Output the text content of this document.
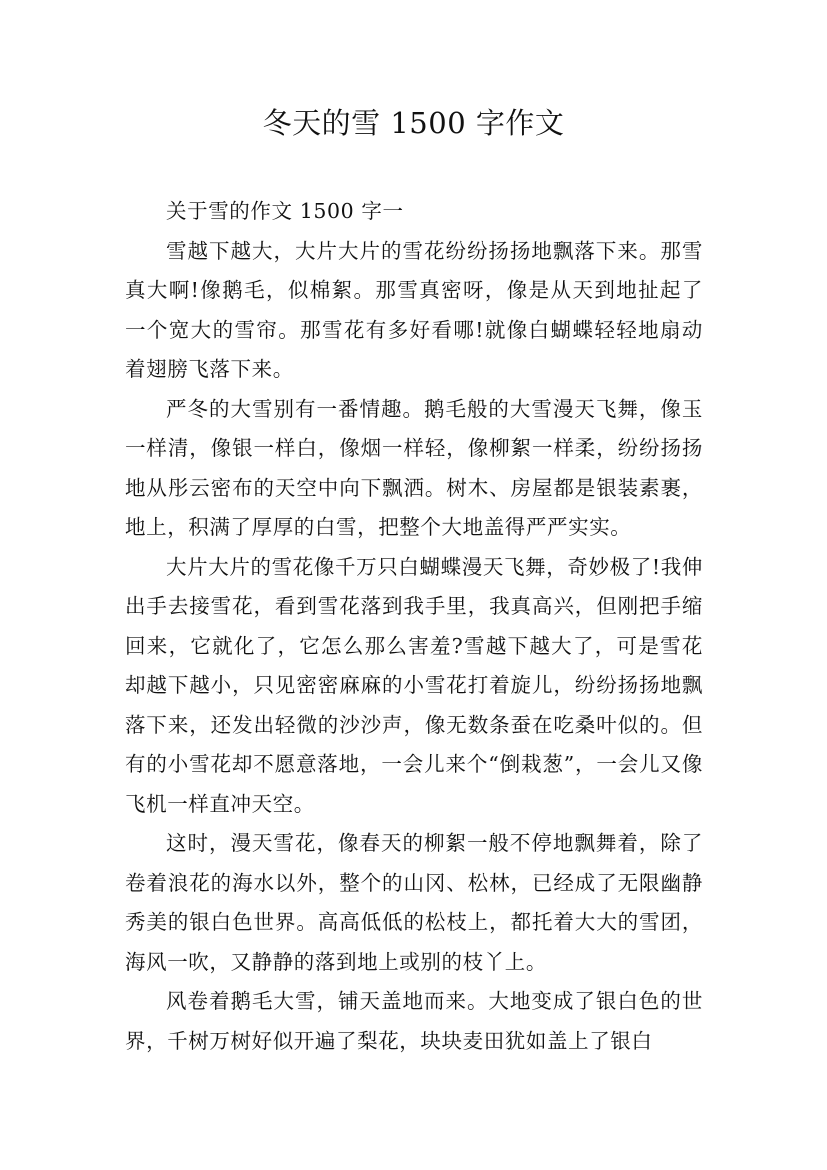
冬天的雪 1500 字作文

关于雪的作文 1500 字一

雪越下越大，大片大片的雪花纷纷扬扬地飘落下来。那雪真大啊!像鹅毛，似棉絮。那雪真密呀，像是从天到地扯起了一个宽大的雪帘。那雪花有多好看哪!就像白蝴蝶轻轻地扇动着翅膀飞落下来。

严冬的大雪别有一番情趣。鹅毛般的大雪漫天飞舞，像玉一样清，像银一样白，像烟一样轻，像柳絮一样柔，纷纷扬扬地从彤云密布的天空中向下飘洒。树木、房屋都是银装素裹，地上，积满了厚厚的白雪，把整个大地盖得严严实实。

大片大片的雪花像千万只白蝴蝶漫天飞舞，奇妙极了!我伸出手去接雪花，看到雪花落到我手里，我真高兴，但刚把手缩回来，它就化了，它怎么那么害羞?雪越下越大了，可是雪花却越下越小，只见密密麻麻的小雪花打着旋儿，纷纷扬扬地飘落下来，还发出轻微的沙沙声，像无数条蚕在吃桑叶似的。但有的小雪花却不愿意落地，一会儿来个“倒栽葱”，一会儿又像飞机一样直冲天空。

这时，漫天雪花，像春天的柳絮一般不停地飘舞着，除了卷着浪花的海水以外，整个的山冈、松林，已经成了无限幽静秀美的银白色世界。高高低低的松枝上，都托着大大的雪团，海风一吹，又静静的落到地上或别的枝丫上。

风卷着鹅毛大雪，铺天盖地而来。大地变成了银白色的世界，千树万树好似开遍了梨花，块块麦田犹如盖上了银白
